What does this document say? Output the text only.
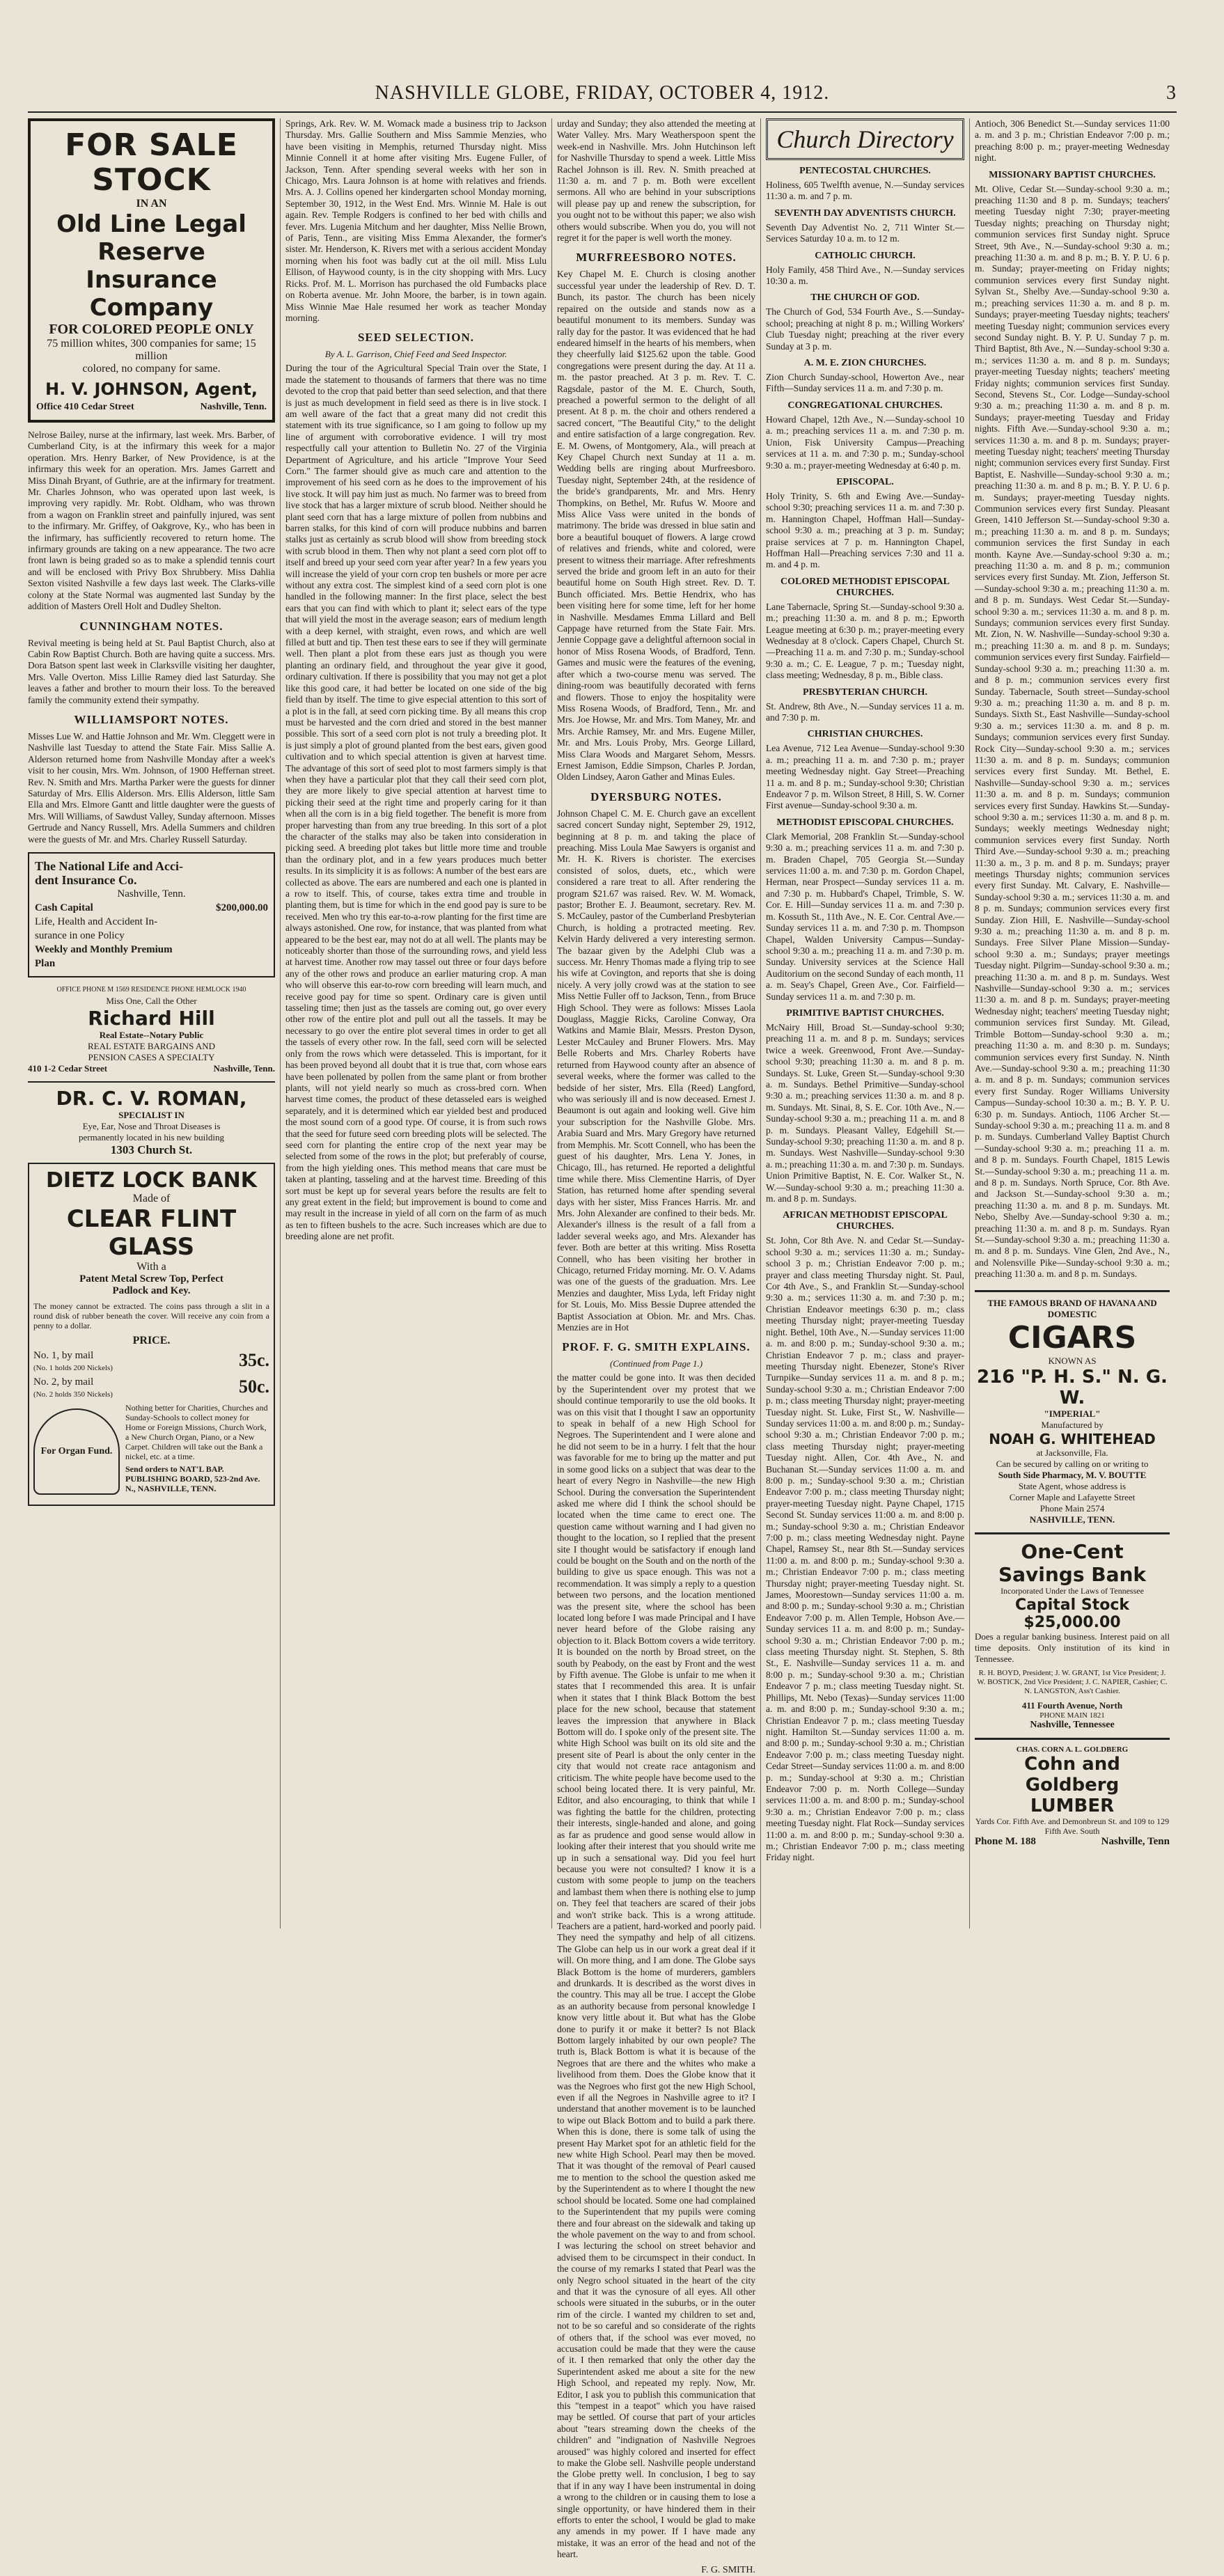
NASHVILLE GLOBE, FRIDAY, OCTOBER 4, 1912.	3
FOR SALE STOCK
IN AN
Old Line Legal Reserve
Insurance Company
FOR COLORED PEOPLE ONLY
75 million whites, 300 companies for same; 15 million
colored, no company for same.
H. V. JOHNSON, Agent,
Office 410 Cedar Street	Nashville, Tenn.

Nelrose Bailey, nurse at the infirmary, last week. Mrs. Barber, of Cumberland City, is at the infirmary this week for a major operation. Mrs. Henry Barker, of New Providence, is at the infirmary this week for an operation. Mrs. James Garrett and Miss Dinah Bryant, of Guthrie, are at the infirmary for treatment. Mr. Charles Johnson, who was operated upon last week, is improving very rapidly. Mr. Robt. Oldham, who was thrown from a wagon on Franklin street and painfully injured, was sent to the infirmary. Mr. Griffey, of Oakgrove, Ky., who has been in the infirmary, has sufficiently recovered to return home. The infirmary grounds are taking on a new appearance. The two acre front lawn is being graded so as to make a splendid tennis court and will be enclosed with Privy Box Shrubbery. Miss Dahlia Sexton visited Nashville a few days last week. The Clarks-ville colony at the State Normal was augmented last Sunday by the addition of Masters Orell Holt and Dudley Shelton.

CUNNINGHAM NOTES.

Revival meeting is being held at St. Paul Baptist Church, also at Cabin Row Baptist Church. Both are having quite a success. Mrs. Dora Batson spent last week in Clarksville visiting her daughter, Mrs. Valle Overton. Miss Lillie Ramey died last Saturday. She leaves a father and brother to mourn their loss. To the bereaved family the community extend their sympathy.

WILLIAMSPORT NOTES.

Misses Lue W. and Hattie Johnson and Mr. Wm. Cleggett were in Nashville last Tuesday to attend the State Fair. Miss Sallie A. Alderson returned home from Nashville Monday after a week's visit to her cousin, Mrs. Wm. Johnson, of 1900 Heffernan street. Rev. N. Smith and Mrs. Martha Parker were the guests for dinner Saturday of Mrs. Ellis Alderson. Mrs. Ellis Alderson, little Sam Ella and Mrs. Elmore Gantt and little daughter were the guests of Mrs. Will Williams, of Sawdust Valley, Sunday afternoon. Misses Gertrude and Nancy Russell, Mrs. Adella Summers and children were the guests of Mr. and Mrs. Charley Russell Saturday.

The National Life and Acci-
dent Insurance Co.
Nashville, Tenn.
Cash Capital	$200,000.00
Life, Health and Accident In-
surance in one Policy
Weekly and Monthly Premium
Plan
OFFICE PHONE M 1569 RESIDENCE PHONE HEMLOCK 1940
Miss One, Call the Other
Richard Hill
Real Estate--Notary Public
REAL ESTATE BARGAINS AND
PENSION CASES A SPECIALTY
410 1-2 Cedar Street	Nashville, Tenn.
DR. C. V. ROMAN,
SPECIALIST IN
Eye, Ear, Nose and Throat Diseases is
permanently located in his new building
1303 Church St.
DIETZ LOCK BANK
Made of
CLEAR FLINT
GLASS
With a
Patent Metal Screw Top, Perfect
Padlock and Key.

The money cannot be extracted. The coins pass through a slit in a round disk of rubber beneath the cover. Will receive any coin from a penny to a dollar.

PRICE.
No. 1, by mail
(No. 1 holds 200 Nickels)	35c.
No. 2, by mail
(No. 2 holds 350 Nickels)	50c.
For Organ Fund.
Nothing better for Charities, Churches and Sunday-Schools to collect money for Home or Foreign Missions, Church Work, a New Church Organ, Piano, or a New Carpet. Children will take out the Bank a nickel, etc. at a time.
Send orders to NAT'L BAP. PUBLISHING BOARD, 523-2nd Ave. N., NASHVILLE, TENN.

Springs, Ark. Rev. W. M. Womack made a business trip to Jackson Thursday. Mrs. Gallie Southern and Miss Sammie Menzies, who have been visiting in Memphis, returned Thursday night. Miss Minnie Connell it at home after visiting Mrs. Eugene Fuller, of Jackson, Tenn. After spending several weeks with her son in Chicago, Mrs. Laura Johnson is at home with relatives and friends. Mrs. A. J. Collins opened her kindergarten school Monday morning, September 30, 1912, in the West End. Mrs. Winnie M. Hale is out again. Rev. Temple Rodgers is confined to her bed with chills and fever. Mrs. Lugenia Mitchum and her daughter, Miss Nellie Brown, of Paris, Tenn., are visiting Miss Emma Alexander, the former's sister. Mr. Henderson, K. Rivers met with a serious accident Monday morning when his foot was badly cut at the oil mill. Miss Lulu Ellison, of Haywood county, is in the city shopping with Mrs. Lucy Ricks. Prof. M. L. Morrison has purchased the old Fumbacks place on Roberta avenue. Mr. John Moore, the barber, is in town again. Miss Winnie Mae Hale resumed her work as teacher Monday morning.

SEED SELECTION.
By A. L. Garrison, Chief Feed and Seed Inspector.

During the tour of the Agricultural Special Train over the State, I made the statement to thousands of farmers that there was no time devoted to the crop that paid better than seed selection, and that there is just as much development in field seed as there is in live stock. I am well aware of the fact that a great many did not credit this statement with its true significance, so I am going to follow up my line of argument with corroborative evidence. I will try most respectfully call your attention to Bulletin No. 27 of the Virginia Department of Agriculture, and his article "Improve Your Seed Corn." The farmer should give as much care and attention to the improvement of his seed corn as he does to the improvement of his live stock. It will pay him just as much. No farmer was to breed from live stock that has a larger mixture of scrub blood. Neither should he plant seed corn that has a large mixture of pollen from nubbins and barren stalks, for this kind of corn will produce nubbins and barren stalks just as certainly as scrub blood will show from breeding stock with scrub blood in them. Then why not plant a seed corn plot off to itself and breed up your seed corn year after year? In a few years you will increase the yield of your corn crop ten bushels or more per acre without any extra cost. The simplest kind of a seed corn plot is one handled in the following manner: In the first place, select the best ears that you can find with which to plant it; select ears of the type that will yield the most in the average season; ears of medium length with a deep kernel, with straight, even rows, and which are well filled at butt and tip. Then test these ears to see if they will germinate well. Then plant a plot from these ears just as though you were planting an ordinary field, and throughout the year give it good, ordinary cultivation. If there is possibility that you may not get a plot like this good care, it had better be located on one side of the big field than by itself. The time to give especial attention to this sort of a plot is in the fall, at seed corn picking time. By all means this crop must be harvested and the corn dried and stored in the best manner possible. This sort of a seed corn plot is not truly a breeding plot. It is just simply a plot of ground planted from the best ears, given good cultivation and to which special attention is given at harvest time. The advantage of this sort of seed plot to most farmers simply is that when they have a particular plot that they call their seed corn plot, they are more likely to give special attention at harvest time to picking their seed at the right time and properly caring for it than when all the corn is in a big field together. The benefit is more from proper harvesting than from any true breeding. In this sort of a plot the character of the stalks may also be taken into consideration in picking seed. A breeding plot takes but little more time and trouble than the ordinary plot, and in a few years produces much better results. In its simplicity it is as follows: A number of the best ears are collected as above. The ears are numbered and each one is planted in a row to itself. This, of course, takes extra time and trouble in planting them, but is time for which in the end good pay is sure to be received. Men who try this ear-to-a-row planting for the first time are always astonished. One row, for instance, that was planted from what appeared to be the best ear, may not do at all well. The plants may be noticeably shorter than those of the surrounding rows, and yield less at harvest time. Another row may tassel out three or four days before any of the other rows and produce an earlier maturing crop. A man who will observe this ear-to-row corn breeding will learn much, and receive good pay for time so spent. Ordinary care is given until tasseling time; then just as the tassels are coming out, go over every other row of the entire plot and pull out all the tassels. It may be necessary to go over the entire plot several times in order to get all the tassels of every other row. In the fall, seed corn will be selected only from the rows which were detasseled. This is important, for it has been proved beyond all doubt that it is true that, corn whose ears have been pollenated by pollen from the same plant or from brother plants, will not yield nearly so much as cross-bred corn. When harvest time comes, the product of these detasseled ears is weighed separately, and it is determined which ear yielded best and produced the most sound corn of a good type. Of course, it is from such rows that the seed for future seed corn breeding plots will be selected. The seed corn for planting the entire crop of the next year may be selected from some of the rows in the plot; but preferably of course, from the high yielding ones. This method means that care must be taken at planting, tasseling and at the harvest time. Breeding of this sort must be kept up for several years before the results are felt to any great extent in the field; but improvement is bound to come and may result in the increase in yield of all corn on the farm of as much as ten to fifteen bushels to the acre. Such increases which are due to breeding alone are net profit.

urday and Sunday; they also attended the meeting at Water Valley. Mrs. Mary Weatherspoon spent the week-end in Nashville. Mrs. John Hutchinson left for Nashville Thursday to spend a week. Little Miss Rachel Johnson is ill. Rev. N. Smith preached at 11:30 a. m. and 7 p. m. Both were excellent sermons. All who are behind in your subscriptions will please pay up and renew the subscription, for you ought not to be without this paper; we also wish others would subscribe. When you do, you will not regret it for the paper is well worth the money.

MURFREESBORO NOTES.

Key Chapel M. E. Church is closing another successful year under the leadership of Rev. D. T. Bunch, its pastor. The church has been nicely repaired on the outside and stands now as a beautiful monument to its members. Sunday was rally day for the pastor. It was evidenced that he had endeared himself in the hearts of his members, when they cheerfully laid $125.62 upon the table. Good congregations were present during the day. At 11 a. m. the pastor preached. At 3 p. m. Rev. T. C. Ragsdale, pastor of the M. E. Church, South, preached a powerful sermon to the delight of all present. At 8 p. m. the choir and others rendered a sacred concert, "The Beautiful City," to the delight and entire satisfaction of a large congregation. Rev. E. M. Owens, of Montgomery, Ala., will preach at Key Chapel Church next Sunday at 11 a. m. Wedding bells are ringing about Murfreesboro. Tuesday night, September 24th, at the residence of the bride's grandparents, Mr. and Mrs. Henry Thompkins, on Bethel, Mr. Rufus W. Moore and Miss Alice Vass were united in the bonds of matrimony. The bride was dressed in blue satin and bore a beautiful bouquet of flowers. A large crowd of relatives and friends, white and colored, were present to witness their marriage. After refreshments served the bride and groom left in an auto for their beautiful home on South High street. Rev. D. T. Bunch officiated. Mrs. Bettie Hendrix, who has been visiting here for some time, left for her home in Nashville. Mesdames Emma Lillard and Bell Cappage have returned from the State Fair. Mrs. Jennie Coppage gave a delightful afternoon social in honor of Miss Rosena Woods, of Bradford, Tenn. Games and music were the features of the evening, after which a two-course menu was served. The dining-room was beautifully decorated with ferns and flowers. Those to enjoy the hospitality were Miss Rosena Woods, of Bradford, Tenn., Mr. and Mrs. Joe Howse, Mr. and Mrs. Tom Maney, Mr. and Mrs. Archie Ramsey, Mr. and Mrs. Eugene Miller, Mr. and Mrs. Louis Proby, Mrs. George Lillard, Miss Clara Woods and Margaret Sehom, Messrs. Ernest Jamison, Eddie Simpson, Charles P. Jordan, Olden Lindsey, Aaron Gather and Minas Eules.

DYERSBURG NOTES.

Johnson Chapel C. M. E. Church gave an excellent sacred concert Sunday night, September 29, 1912, beginning at 8 p. m. and taking the place of preaching. Miss Loula Mae Sawyers is organist and Mr. H. K. Rivers is chorister. The exercises consisted of solos, duets, etc., which were considered a rare treat to all. After rendering the program $21.67 was raised. Rev. W. M. Womack, pastor; Brother E. J. Beaumont, secretary. Rev. M. S. McCauley, pastor of the Cumberland Presbyterian Church, is holding a protracted meeting. Rev. Kelvin Hardy delivered a very interesting sermon. The bazaar given by the Adelphi Club was a success. Mr. Henry Thomas made a flying trip to see his wife at Covington, and reports that she is doing nicely. A very jolly crowd was at the station to see Miss Nettie Fuller off to Jackson, Tenn., from Bruce High School. They were as follows: Misses Laola Douglass, Maggie Ricks, Caroline Conway, Ora Watkins and Mamie Blair, Messrs. Preston Dyson, Lester McCauley and Bruner Flowers. Mrs. May Belle Roberts and Mrs. Charley Roberts have returned from Haywood county after an absence of several weeks, where the former was called to the bedside of her sister, Mrs. Ella (Reed) Langford, who was seriously ill and is now deceased. Ernest J. Beaumont is out again and looking well. Give him your subscription for the Nashville Globe. Mrs. Arabia Suard and Mrs. Mary Gregory have returned from Memphis. Mr. Scott Connell, who has been the guest of his daughter, Mrs. Lena Y. Jones, in Chicago, Ill., has returned. He reported a delightful time while there. Miss Clementine Harris, of Dyer Station, has returned home after spending several days with her sister, Miss Frances Harris. Mr. and Mrs. John Alexander are confined to their beds. Mr. Alexander's illness is the result of a fall from a ladder several weeks ago, and Mrs. Alexander has fever. Both are better at this writing. Miss Rosetta Connell, who has been visiting her brother in Chicago, returned Friday morning. Mr. O. V. Adams was one of the guests of the graduation. Mrs. Lee Menzies and daughter, Miss Lyda, left Friday night for St. Louis, Mo. Miss Bessie Dupree attended the Baptist Association at Obion. Mr. and Mrs. Chas. Menzies are in Hot

PROF. F. G. SMITH EXPLAINS.
(Continued from Page 1.)

the matter could be gone into. It was then decided by the Superintendent over my protest that we should continue temporarily to use the old books. It was on this visit that I thought I saw an opportunity to speak in behalf of a new High School for Negroes. The Superintendent and I were alone and he did not seem to be in a hurry. I felt that the hour was favorable for me to bring up the matter and put in some good licks on a subject that was dear to the heart of every Negro in Nashville—the new High School. During the conversation the Superintendent asked me where did I think the school should be located when the time came to erect one. The question came without warning and I had given no thought to the location, so I replied that the present site I thought would be satisfactory if enough land could be bought on the South and on the north of the building to give us space enough. This was not a recommendation. It was simply a reply to a question between two persons, and the location mentioned was the present site, where the school has been located long before I was made Principal and I have never heard before of the Globe raising any objection to it. Black Bottom covers a wide territory. It is bounded on the north by Broad street, on the south by Peabody, on the east by Front and the west by Fifth avenue. The Globe is unfair to me when it states that I recommended this area. It is unfair when it states that I think Black Bottom the best place for the new school, because that statement leaves the impression that anywhere in Black Bottom will do. I spoke only of the present site. The white High School was built on its old site and the present site of Pearl is about the only center in the city that would not create race antagonism and criticism. The white people have become used to the school being located there. It is very painful, Mr. Editor, and also encouraging, to think that while I was fighting the battle for the children, protecting their interests, single-handed and alone, and going as far as prudence and good sense would allow in looking after their interest that you should write me up in such a sensational way. Did you feel hurt because you were not consulted? I know it is a custom with some people to jump on the teachers and lambast them when there is nothing else to jump on. They feel that teachers are scared of their jobs and won't strike back. This is a wrong attitude. Teachers are a patient, hard-worked and poorly paid. They need the sympathy and help of all citizens. The Globe can help us in our work a great deal if it will. On more thing, and I am done. The Globe says Black Bottom is the home of murderers, gamblers and drunkards. It is described as the worst dives in the country. This may all be true. I accept the Globe as an authority because from personal knowledge I know very little about it. But what has the Globe done to purify it or make it better? Is not Black Bottom largely inhabited by our own people? The truth is, Black Bottom is what it is because of the Negroes that are there and the whites who make a livelihood from them. Does the Globe know that it was the Negroes who first got the new High School, even if all the Negroes in Nashville agree to it? I understand that another movement is to be launched to wipe out Black Bottom and to build a park there. When this is done, there is some talk of using the present Hay Market spot for an athletic field for the new white High School. Pearl may then be moved. That it was thought of the removal of Pearl caused me to mention to the school the question asked me by the Superintendent as to where I thought the new school should be located. Some one had complained to the Superintendent that my pupils were coming there and four abreast on the sidewalk and taking up the whole pavement on the way to and from school. I was lecturing the school on street behavior and advised them to be circumspect in their conduct. In the course of my remarks I stated that Pearl was the only Negro school situated in the heart of the city and that it was the cynosure of all eyes. All other schools were situated in the suburbs, or in the outer rim of the circle. I wanted my children to set and, not to be so careful and so considerate of the rights of others that, if the school was ever moved, no accusation could be made that they were the cause of it. I then remarked that only the other day the Superintendent asked me about a site for the new High School, and repeated my reply. Now, Mr. Editor, I ask you to publish this communication that this "tempest in a teapot" which you have raised may be settled. Of course that part of your articles about "tears streaming down the cheeks of the children" and "indignation of Nashville Negroes aroused" was highly colored and inserted for effect to make the Globe sell. Nashville people understand the Globe pretty well. In conclusion, I beg to say that if in any way I have been instrumental in doing a wrong to the children or in causing them to lose a single opportunity, or have hindered them in their efforts to enter the school, I would be glad to make any amends in my power. If I have made any mistake, it was an error of the head and not of the heart.

F. G. SMITH.
Church Directory
PENTECOSTAL CHURCHES.

Holiness, 605 Twelfth avenue, N.—Sunday services 11:30 a. m. and 7 p. m.

SEVENTH DAY ADVENTISTS CHURCH.

Seventh Day Adventist No. 2, 711 Winter St.—Services Saturday 10 a. m. to 12 m.

CATHOLIC CHURCH.

Holy Family, 458 Third Ave., N.—Sunday services 10:30 a. m.

THE CHURCH OF GOD.

The Church of God, 534 Fourth Ave., S.—Sunday-school; preaching at night 8 p. m.; Willing Workers' Club Tuesday night; preaching at the river every Sunday at 3 p. m.

A. M. E. ZION CHURCHES.

Zion Church Sunday-school, Howerton Ave., near Fifth—Sunday services 11 a. m. and 7:30 p. m.

CONGREGATIONAL CHURCHES.

Howard Chapel, 12th Ave., N.—Sunday-school 10 a. m.; preaching services 11 a. m. and 7:30 p. m. Union, Fisk University Campus—Preaching services at 11 a. m. and 7:30 p. m.; Sunday-school 9:30 a. m.; prayer-meeting Wednesday at 6:40 p. m.

EPISCOPAL.

Holy Trinity, S. 6th and Ewing Ave.—Sunday-school 9:30; preaching services 11 a. m. and 7:30 p. m. Hannington Chapel, Hoffman Hall—Sunday-school 9:30 a. m.; preaching at 3 p. m. Sunday; praise services at 7 p. m. Hannington Chapel, Hoffman Hall—Preaching services 7:30 and 11 a. m. and 4 p. m.

COLORED METHODIST EPISCOPAL CHURCHES.

Lane Tabernacle, Spring St.—Sunday-school 9:30 a. m.; preaching 11:30 a. m. and 8 p. m.; Epworth League meeting at 6:30 p. m.; prayer-meeting every Wednesday at 8 o'clock. Capers Chapel, Church St.—Preaching 11 a. m. and 7:30 p. m.; Sunday-school 9:30 a. m.; C. E. League, 7 p. m.; Tuesday night, class meeting; Wednesday, 8 p. m., Bible class.

PRESBYTERIAN CHURCH.

St. Andrew, 8th Ave., N.—Sunday services 11 a. m. and 7:30 p. m.

CHRISTIAN CHURCHES.

Lea Avenue, 712 Lea Avenue—Sunday-school 9:30 a. m.; preaching 11 a. m. and 7:30 p. m.; prayer meeting Wednesday night. Gay Street—Preaching 11 a. m. and 8 p. m.; Sunday-school 9:30; Christian Endeavor 7 p. m. Wilson Street, 8 Hill, S. W. Corner First avenue—Sunday-school 9:30 a. m.

METHODIST EPISCOPAL CHURCHES.

Clark Memorial, 208 Franklin St.—Sunday-school 9:30 a. m.; preaching services 11 a. m. and 7:30 p. m. Braden Chapel, 705 Georgia St.—Sunday services 11:00 a. m. and 7:30 p. m. Gordon Chapel, Herman, near Prospect—Sunday services 11 a. m. and 7:30 p. m. Hubbard's Chapel, Trimble, S. W. Cor. E. Hill—Sunday services 11 a. m. and 7:30 p. m. Kossuth St., 11th Ave., N. E. Cor. Central Ave.—Sunday services 11 a. m. and 7:30 p. m. Thompson Chapel, Walden University Campus—Sunday-school 9:30 a. m.; preaching 11 a. m. and 7:30 p. m. Sunday. University services at the Science Hall Auditorium on the second Sunday of each month, 11 a. m. Seay's Chapel, Green Ave., Cor. Fairfield—Sunday services 11 a. m. and 7:30 p. m.

PRIMITIVE BAPTIST CHURCHES.

McNairy Hill, Broad St.—Sunday-school 9:30; preaching 11 a. m. and 8 p. m. Sundays; services twice a week. Greenwood, Front Ave.—Sunday-school 9:30; preaching 11:30 a. m. and 8 p. m. Sundays. St. Luke, Green St.—Sunday-school 9:30 a. m. Sundays. Bethel Primitive—Sunday-school 9:30 a. m.; preaching services 11:30 a. m. and 8 p. m. Sundays. Mt. Sinai, 8, S. E. Cor. 10th Ave., N.—Sunday-school 9:30 a. m.; preaching 11 a. m. and 8 p. m. Sundays. Pleasant Valley, Edgehill St.—Sunday-school 9:30; preaching 11:30 a. m. and 8 p. m. Sundays. West Nashville—Sunday-school 9:30 a. m.; preaching 11:30 a. m. and 7:30 p. m. Sundays. Union Primitive Baptist, N. E. Cor. Walker St., N. W.—Sunday-school 9:30 a. m.; preaching 11:30 a. m. and 8 p. m. Sundays.

AFRICAN METHODIST EPISCOPAL CHURCHES.

St. John, Cor 8th Ave. N. and Cedar St.—Sunday-school 9:30 a. m.; services 11:30 a. m.; Sunday-school 3 p. m.; Christian Endeavor 7:00 p. m.; prayer and class meeting Thursday night. St. Paul, Cor 4th Ave., S., and Franklin St.—Sunday-school 9:30 a. m.; services 11:30 a. m. and 7:30 p. m.; Christian Endeavor meetings 6:30 p. m.; class meeting Thursday night; prayer-meeting Tuesday night. Bethel, 10th Ave., N.—Sunday services 11:00 a. m. and 8:00 p. m.; Sunday-school 9:30 a. m.; Christian Endeavor 7 p. m.; class and prayer-meeting Thursday night. Ebenezer, Stone's River Turnpike—Sunday services 11 a. m. and 8 p. m.; Sunday-school 9:30 a. m.; Christian Endeavor 7:00 p. m.; class meeting Thursday night; prayer-meeting Tuesday night. St. Luke, First St., W. Nashville—Sunday services 11:00 a. m. and 8:00 p. m.; Sunday-school 9:30 a. m.; Christian Endeavor 7:00 p. m.; class meeting Thursday night; prayer-meeting Tuesday night. Allen, Cor. 4th Ave., N. and Buchanan St.—Sunday services 11:00 a. m. and 8:00 p. m.; Sunday-school 9:30 a. m.; Christian Endeavor 7:00 p. m.; class meeting Thursday night; prayer-meeting Tuesday night. Payne Chapel, 1715 Second St. Sunday services 11:00 a. m. and 8:00 p. m.; Sunday-school 9:30 a. m.; Christian Endeavor 7:00 p. m.; class meeting Wednesday night. Payne Chapel, Ramsey St., near 8th St.—Sunday services 11:00 a. m. and 8:00 p. m.; Sunday-school 9:30 a. m.; Christian Endeavor 7:00 p. m.; class meeting Thursday night; prayer-meeting Tuesday night. St. James, Moorestown—Sunday services 11:00 a. m. and 8:00 p. m.; Sunday-school 9:30 a. m.; Christian Endeavor 7:00 p. m. Allen Temple, Hobson Ave.—Sunday services 11 a. m. and 8:00 p. m.; Sunday-school 9:30 a. m.; Christian Endeavor 7:00 p. m.; class meeting Thursday night. St. Stephen, S. 8th St., E. Nashville—Sunday services 11 a. m. and 8:00 p. m.; Sunday-school 9:30 a. m.; Christian Endeavor 7 p. m.; class meeting Tuesday night. St. Phillips, Mt. Nebo (Texas)—Sunday services 11:00 a. m. and 8:00 p. m.; Sunday-school 9:30 a. m.; Christian Endeavor 7 p. m.; class meeting Tuesday night. Hamilton St.—Sunday services 11:00 a. m. and 8:00 p. m.; Sunday-school 9:30 a. m.; Christian Endeavor 7:00 p. m.; class meeting Tuesday night. Cedar Street—Sunday services 11:00 a. m. and 8:00 p. m.; Sunday-school at 9:30 a. m.; Christian Endeavor 7:00 p. m. North College—Sunday services 11:00 a. m. and 8:00 p. m.; Sunday-school 9:30 a. m.; Christian Endeavor 7:00 p. m.; class meeting Tuesday night. Flat Rock—Sunday services 11:00 a. m. and 8:00 p. m.; Sunday-school 9:30 a. m.; Christian Endeavor 7:00 p. m.; class meeting Friday night.

Antioch, 306 Benedict St.—Sunday services 11:00 a. m. and 3 p. m.; Christian Endeavor 7:00 p. m.; preaching 8:00 p. m.; prayer-meeting Wednesday night.

MISSIONARY BAPTIST CHURCHES.

Mt. Olive, Cedar St.—Sunday-school 9:30 a. m.; preaching 11:30 and 8 p. m. Sundays; teachers' meeting Tuesday night 7:30; prayer-meeting Tuesday nights; preaching on Thursday night; communion services first Sunday night. Spruce Street, 9th Ave., N.—Sunday-school 9:30 a. m.; preaching 11:30 a. m. and 8 p. m.; B. Y. P. U. 6 p. m. Sunday; prayer-meeting on Friday nights; communion services every first Sunday night. Sylvan St., Shelby Ave.—Sunday-school 9:30 a. m.; preaching services 11:30 a. m. and 8 p. m. Sundays; prayer-meeting Tuesday nights; teachers' meeting Tuesday night; communion services every second Sunday night. B. Y. P. U. Sunday 7 p. m. Third Baptist, 8th Ave., N.—Sunday-school 9:30 a. m.; services 11:30 a. m. and 8 p. m. Sundays; prayer-meeting Tuesday nights; teachers' meeting Friday nights; communion services first Sunday. Second, Stevens St., Cor. Lodge—Sunday-school 9:30 a. m.; preaching 11:30 a. m. and 8 p. m. Sundays; prayer-meeting Tuesday and Friday nights. Fifth Ave.—Sunday-school 9:30 a. m.; services 11:30 a. m. and 8 p. m. Sundays; prayer-meeting Tuesday night; teachers' meeting Thursday night; communion services every first Sunday. First Baptist, E. Nashville—Sunday-school 9:30 a. m.; preaching 11:30 a. m. and 8 p. m.; B. Y. P. U. 6 p. m. Sundays; prayer-meeting Tuesday nights. Communion services every first Sunday. Pleasant Green, 1410 Jefferson St.—Sunday-school 9:30 a. m.; preaching 11:30 a. m. and 8 p. m. Sundays; communion services the first Sunday in each month. Kayne Ave.—Sunday-school 9:30 a. m.; preaching 11:30 a. m. and 8 p. m.; communion services every first Sunday. Mt. Zion, Jefferson St.—Sunday-school 9:30 a. m.; preaching 11:30 a. m. and 8 p. m. Sundays. West Cedar St.—Sunday-school 9:30 a. m.; services 11:30 a. m. and 8 p. m. Sundays; communion services every first Sunday. Mt. Zion, N. W. Nashville—Sunday-school 9:30 a. m.; preaching 11:30 a. m. and 8 p. m. Sundays; communion services every first Sunday. Fairfield—Sunday-school 9:30 a. m.; preaching 11:30 a. m. and 8 p. m.; communion services every first Sunday. Tabernacle, South street—Sunday-school 9:30 a. m.; preaching 11:30 a. m. and 8 p. m. Sundays. Sixth St., East Nashville—Sunday-school 9:30 a. m.; services 11:30 a. m. and 8 p. m. Sundays; communion services every first Sunday. Rock City—Sunday-school 9:30 a. m.; services 11:30 a. m. and 8 p. m. Sundays; communion services every first Sunday. Mt. Bethel, E. Nashville—Sunday-school 9:30 a. m.; services 11:30 a. m. and 8 p. m. Sundays; communion services every first Sunday. Hawkins St.—Sunday-school 9:30 a. m.; services 11:30 a. m. and 8 p. m. Sundays; weekly meetings Wednesday night; communion services every first Sunday. North Third Ave.—Sunday-school 9:30 a. m.; preaching 11:30 a. m., 3 p. m. and 8 p. m. Sundays; prayer meetings Thursday nights; communion services every first Sunday. Mt. Calvary, E. Nashville—Sunday-school 9:30 a. m.; services 11:30 a. m. and 8 p. m. Sundays; communion services every first Sunday. Zion Hill, E. Nashville—Sunday-school 9:30 a. m.; preaching 11:30 a. m. and 8 p. m. Sundays. Free Silver Plane Mission—Sunday-school 9:30 a. m.; Sundays; prayer meetings Tuesday night. Pilgrim—Sunday-school 9:30 a. m.; preaching 11:30 a. m. and 8 p. m. Sundays. West Nashville—Sunday-school 9:30 a. m.; services 11:30 a. m. and 8 p. m. Sundays; prayer-meeting Wednesday night; teachers' meeting Tuesday night; communion services first Sunday. Mt. Gilead, Trimble Bottom—Sunday-school 9:30 a. m.; preaching 11:30 a. m. and 8:30 p. m. Sundays; communion services every first Sunday. N. Ninth Ave.—Sunday-school 9:30 a. m.; preaching 11:30 a. m. and 8 p. m. Sundays; communion services every first Sunday. Roger Williams University Campus—Sunday-school 10:30 a. m.; B. Y. P. U. 6:30 p. m. Sundays. Antioch, 1106 Archer St.—Sunday-school 9:30 a. m.; preaching 11 a. m. and 8 p. m. Sundays. Cumberland Valley Baptist Church—Sunday-school 9:30 a. m.; preaching 11 a. m. and 8 p. m. Sundays. Fourth Chapel, 1815 Lewis St.—Sunday-school 9:30 a. m.; preaching 11 a. m. and 8 p. m. Sundays. North Spruce, Cor. 8th Ave. and Jackson St.—Sunday-school 9:30 a. m.; preaching 11:30 a. m. and 8 p. m. Sundays. Mt. Nebo, Shelby Ave.—Sunday-school 9:30 a. m.; preaching 11:30 a. m. and 8 p. m. Sundays. Ryan St.—Sunday-school 9:30 a. m.; preaching 11:30 a. m. and 8 p. m. Sundays. Vine Glen, 2nd Ave., N., and Nolensville Pike—Sunday-school 9:30 a. m.; preaching 11:30 a. m. and 8 p. m. Sundays.

THE FAMOUS BRAND OF HAVANA AND DOMESTIC
CIGARS
KNOWN AS
216 "P. H. S." N. G. W.
"IMPERIAL"
Manufactured by
NOAH G. WHITEHEAD
at Jacksonville, Fla.
Can be secured by calling on or writing to
South Side Pharmacy, M. V. BOUTTE
State Agent, whose address is
Corner Maple and Lafayette Street
Phone Main 2574
NASHVILLE, TENN.
One-Cent Savings Bank
Incorporated Under the Laws of Tennessee
Capital Stock $25,000.00

Does a regular banking business. Interest paid on all time deposits. Only institution of its kind in Tennessee.

R. H. BOYD, President; J. W. GRANT, 1st Vice President; J. W. BOSTICK, 2nd Vice President; J. C. NAPIER, Cashier; C. N. LANGSTON, Ass't Cashier.

411 Fourth Avenue, North
PHONE MAIN 1821
Nashville, Tennessee
CHAS. CORN A. L. GOLDBERG
Cohn and Goldberg
LUMBER
Yards Cor. Fifth Ave. and Demonbreun St. and 109 to 129 Fifth Ave. South
Phone M. 188	Nashville, Tenn
